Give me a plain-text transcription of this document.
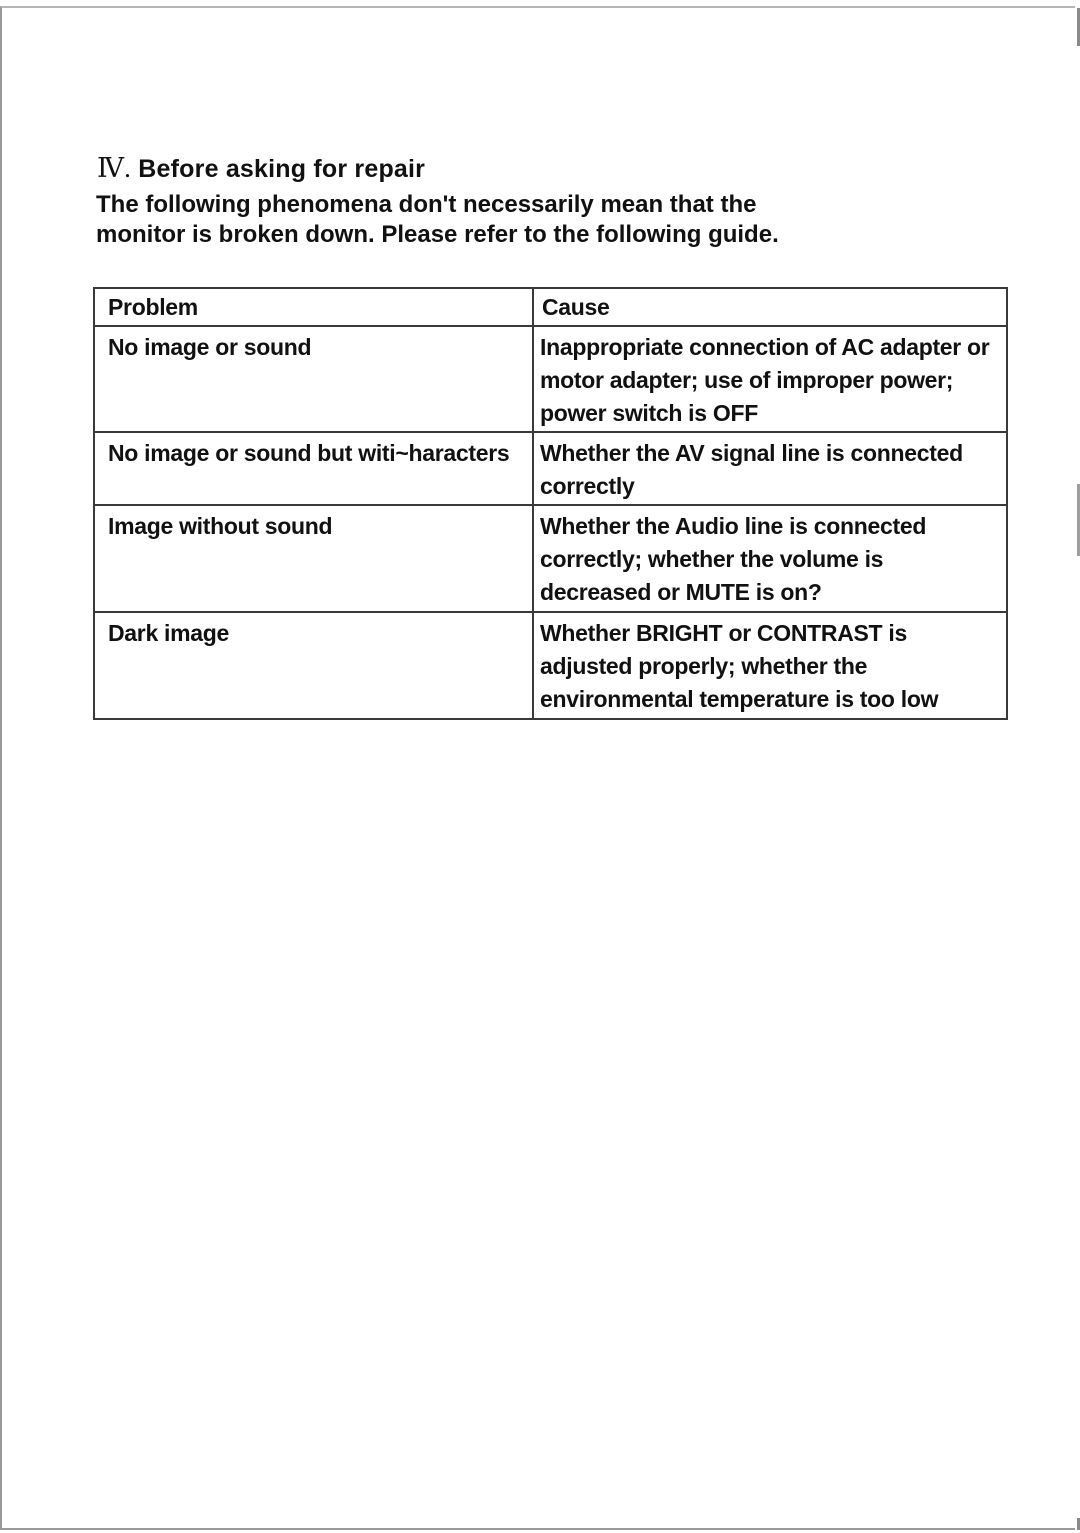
Ⅳ. Before asking for repair
The following phenomena don't necessarily mean that the
monitor is broken down. Please refer to the following guide.
Problem	Cause
No image or sound	Inappropriate connection of AC adapter or
motor adapter; use of improper power;
power switch is OFF

No image or sound but witi~haracters	Whether the AV signal line is connected
correctly

Image without sound	Whether the Audio line is connected
correctly; whether the volume is
decreased or MUTE is on?

Dark image	Whether BRIGHT or CONTRAST is
adjusted properly; whether the
environmental temperature is too low
